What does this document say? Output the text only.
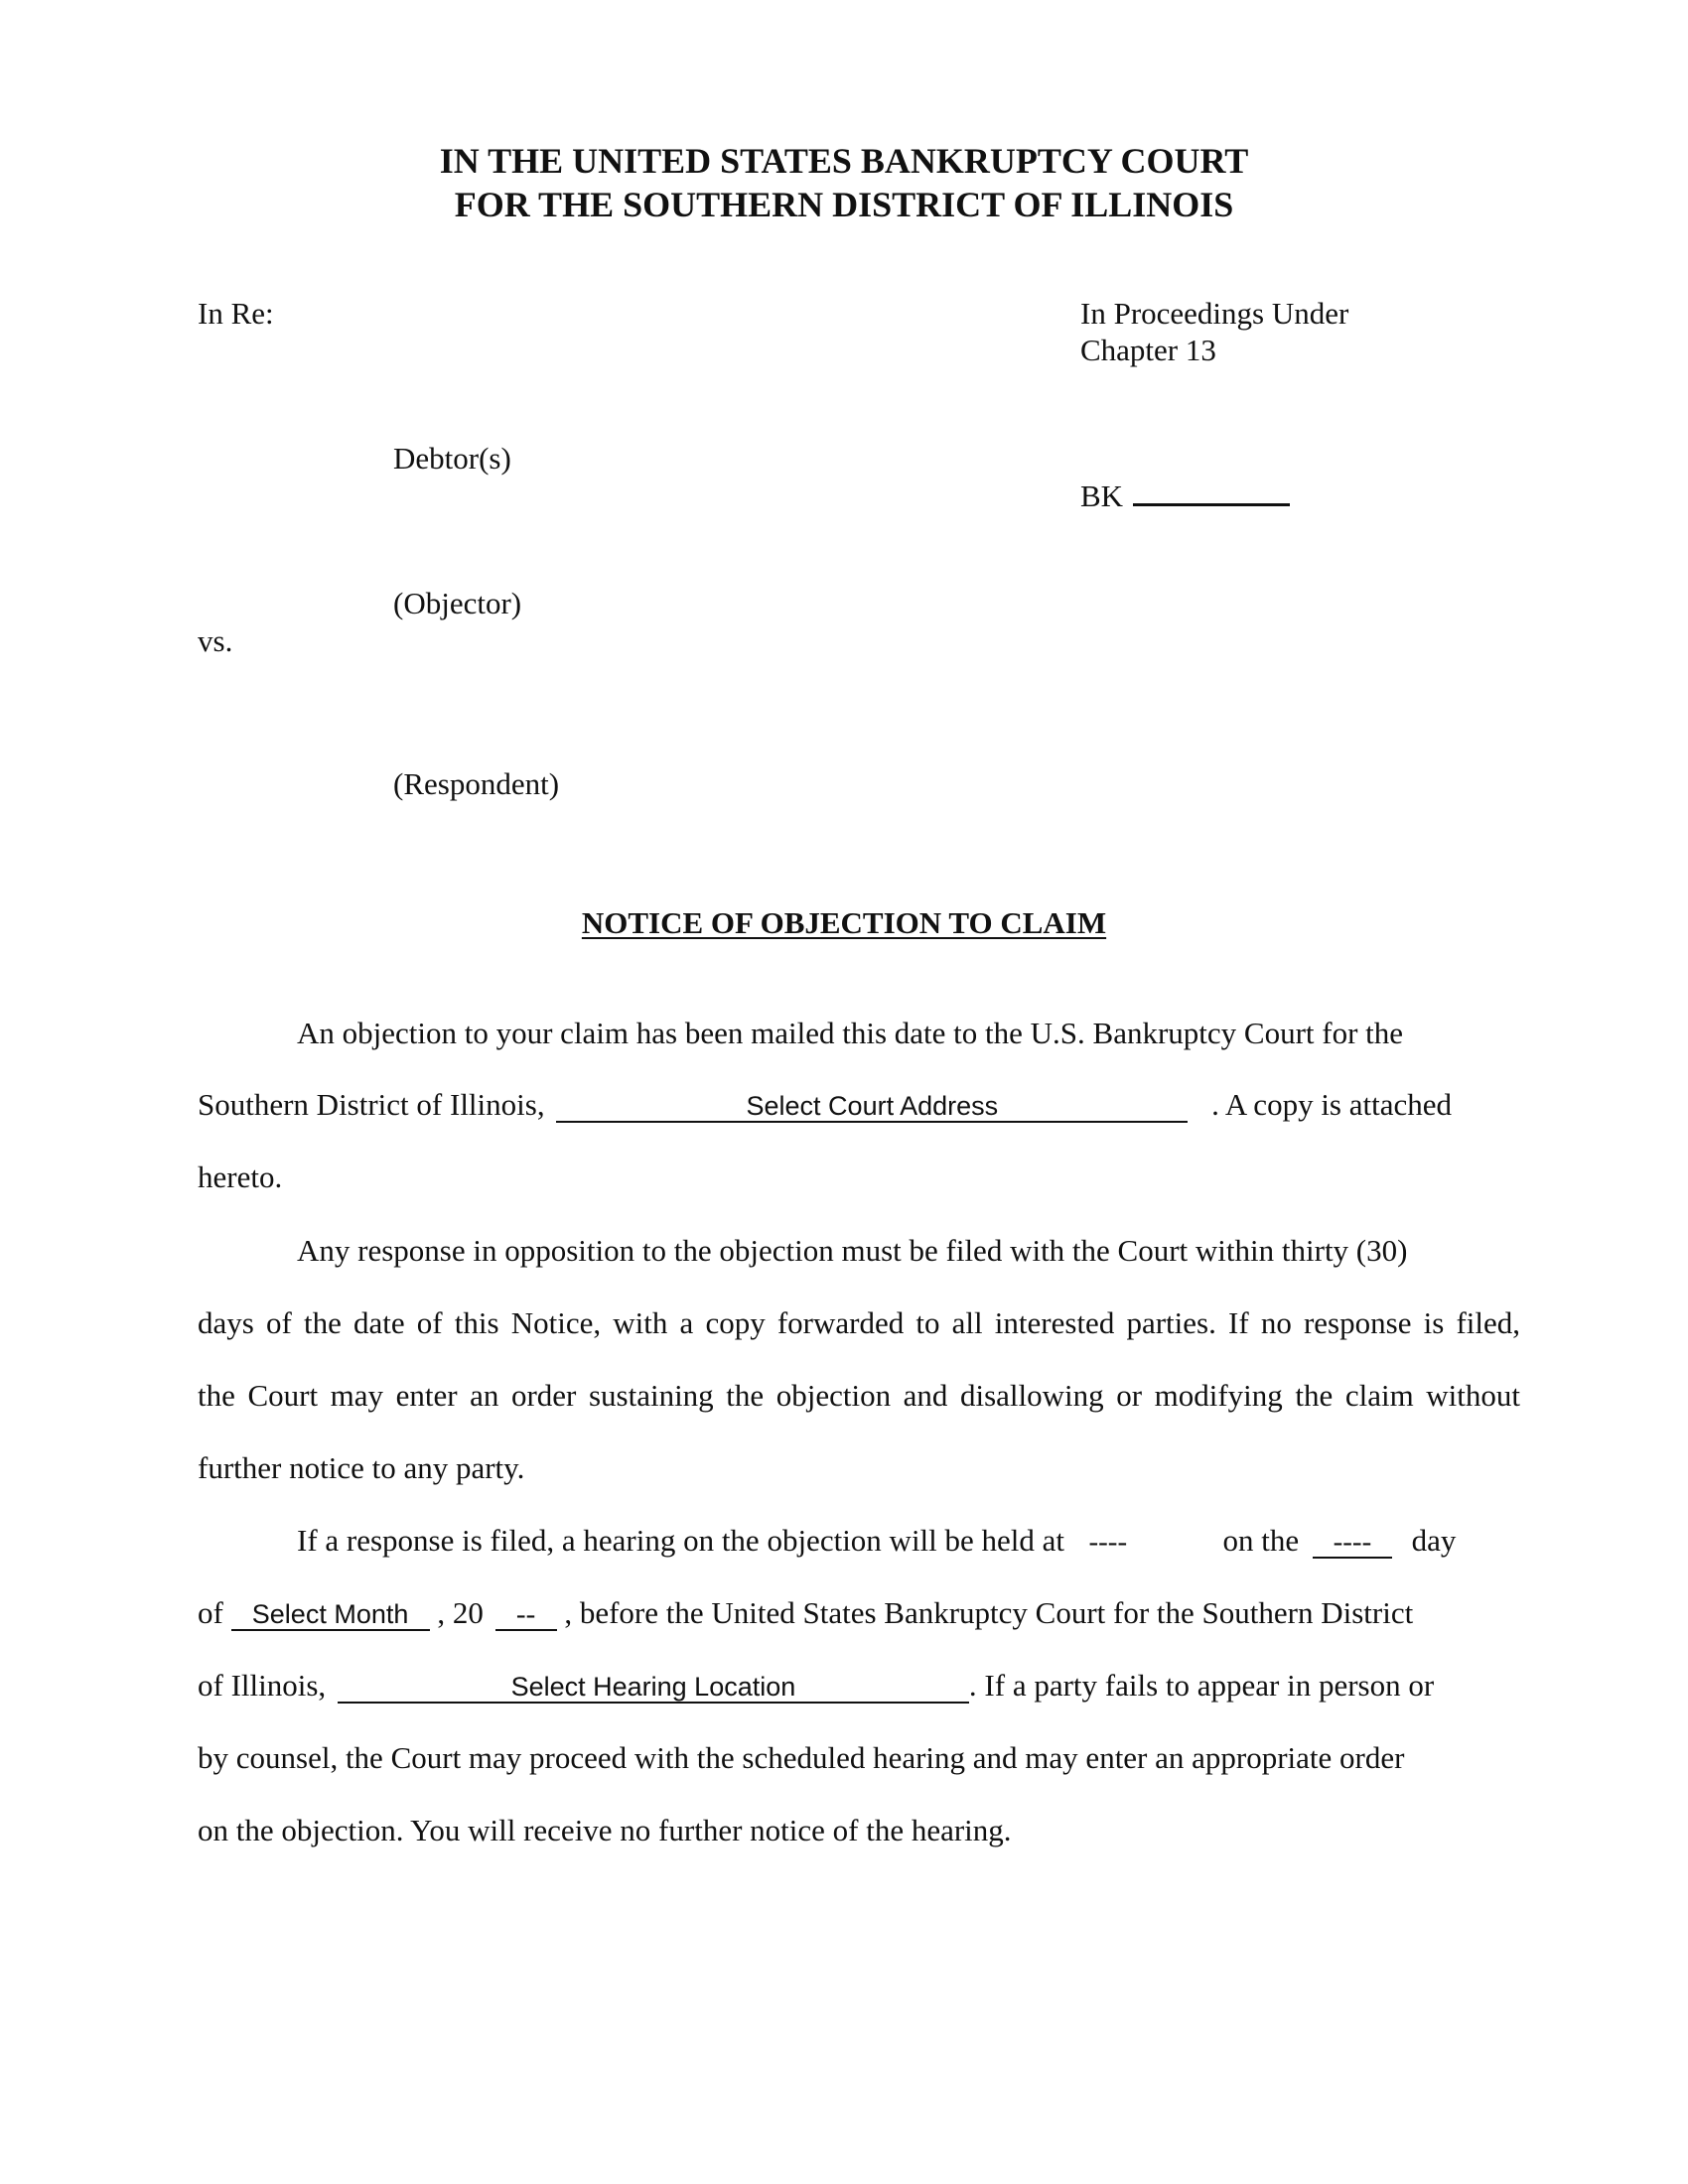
IN THE UNITED STATES BANKRUPTCY COURT
FOR THE SOUTHERN DISTRICT OF ILLINOIS
In Re:	In Proceedings Under
Chapter 13
Debtor(s)
BK
(Objector)
vs.
(Respondent)
NOTICE OF OBJECTION TO CLAIM
An objection to your claim has been mailed this date to the U.S. Bankruptcy Court for the
Southern District of Illinois,	Select Court Address	. A copy is attached
hereto.
Any response in opposition to the objection must be filed with the Court within thirty (30)
days of the date of this Notice, with a copy forwarded to all interested parties. If no response is filed,
the Court may enter an order sustaining the objection and disallowing or modifying the claim without
further notice to any party.
If a response is filed, a hearing on the objection will be held at ----	on the ---- day
of Select Month , 20 -- , before the United States Bankruptcy Court for the Southern District
of Illinois,	Select Hearing Location	. If a party fails to appear in person or
by counsel, the Court may proceed with the scheduled hearing and may enter an appropriate order
on the objection. You will receive no further notice of the hearing.
